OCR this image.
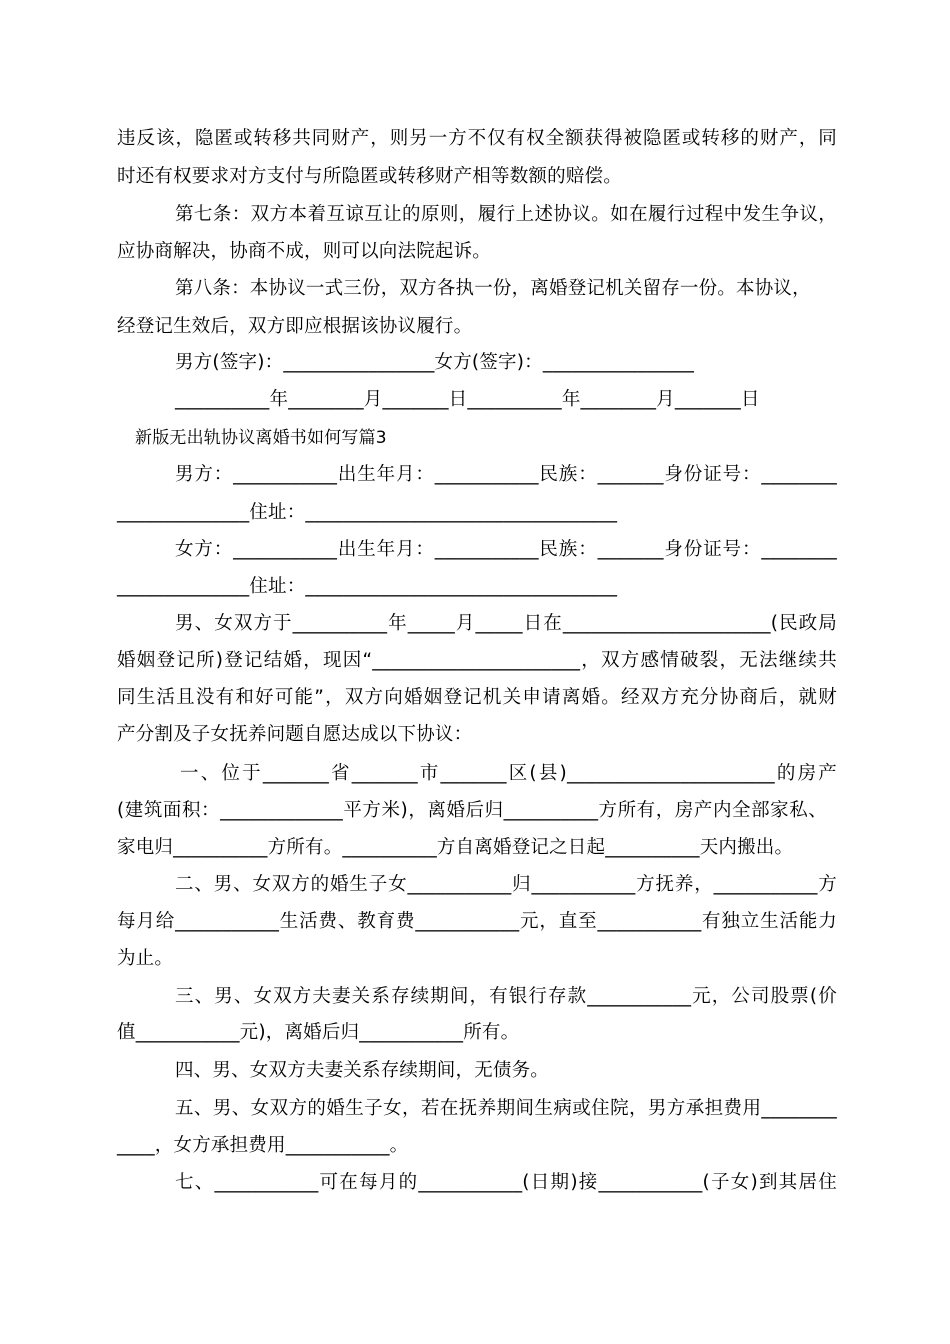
违反该，隐匿或转移共同财产，则另一方不仅有权全额获得被隐匿或转移的财产，同
时还有权要求对方支付与所隐匿或转移财产相等数额的赔偿。
第七条：双方本着互谅互让的原则，履行上述协议。如在履行过程中发生争议，
应协商解决，协商不成，则可以向法院起诉。
第八条：本协议一式三份，双方各执一份，离婚登记机关留存一份。本协议，
经登记生效后，双方即应根据该协议履行。
男方(签字)：________________女方(签字)：________________
__________年________月_______日__________年________月_______日
新版无出轨协议离婚书如何写篇3
男方：___________出生年月：___________民族：_______身份证号：________
______________住址：_________________________________
女方：___________出生年月：___________民族：_______身份证号：________
______________住址：_________________________________
男、女双方于__________年_____月_____日在______________________(民政局
婚姻登记所)登记结婚，现因“______________________，双方感情破裂，无法继续共
同生活且没有和好可能”，双方向婚姻登记机关申请离婚。经双方充分协商后，就财
产分割及子女抚养问题自愿达成以下协议：
一、位于_______省_______市_______区(县)______________________的房产
(建筑面积：_____________平方米)，离婚后归__________方所有，房产内全部家私、
家电归__________方所有。__________方自离婚登记之日起__________天内搬出。
二、男、女双方的婚生子女___________归___________方抚养，___________方
每月给___________生活费、教育费___________元，直至___________有独立生活能力
为止。
三、男、女双方夫妻关系存续期间，有银行存款___________元，公司股票(价
值___________元)，离婚后归___________所有。
四、男、女双方夫妻关系存续期间，无债务。
五、男、女双方的婚生子女，若在抚养期间生病或住院，男方承担费用________
____，女方承担费用___________。
七、___________可在每月的___________(日期)接___________(子女)到其居住
